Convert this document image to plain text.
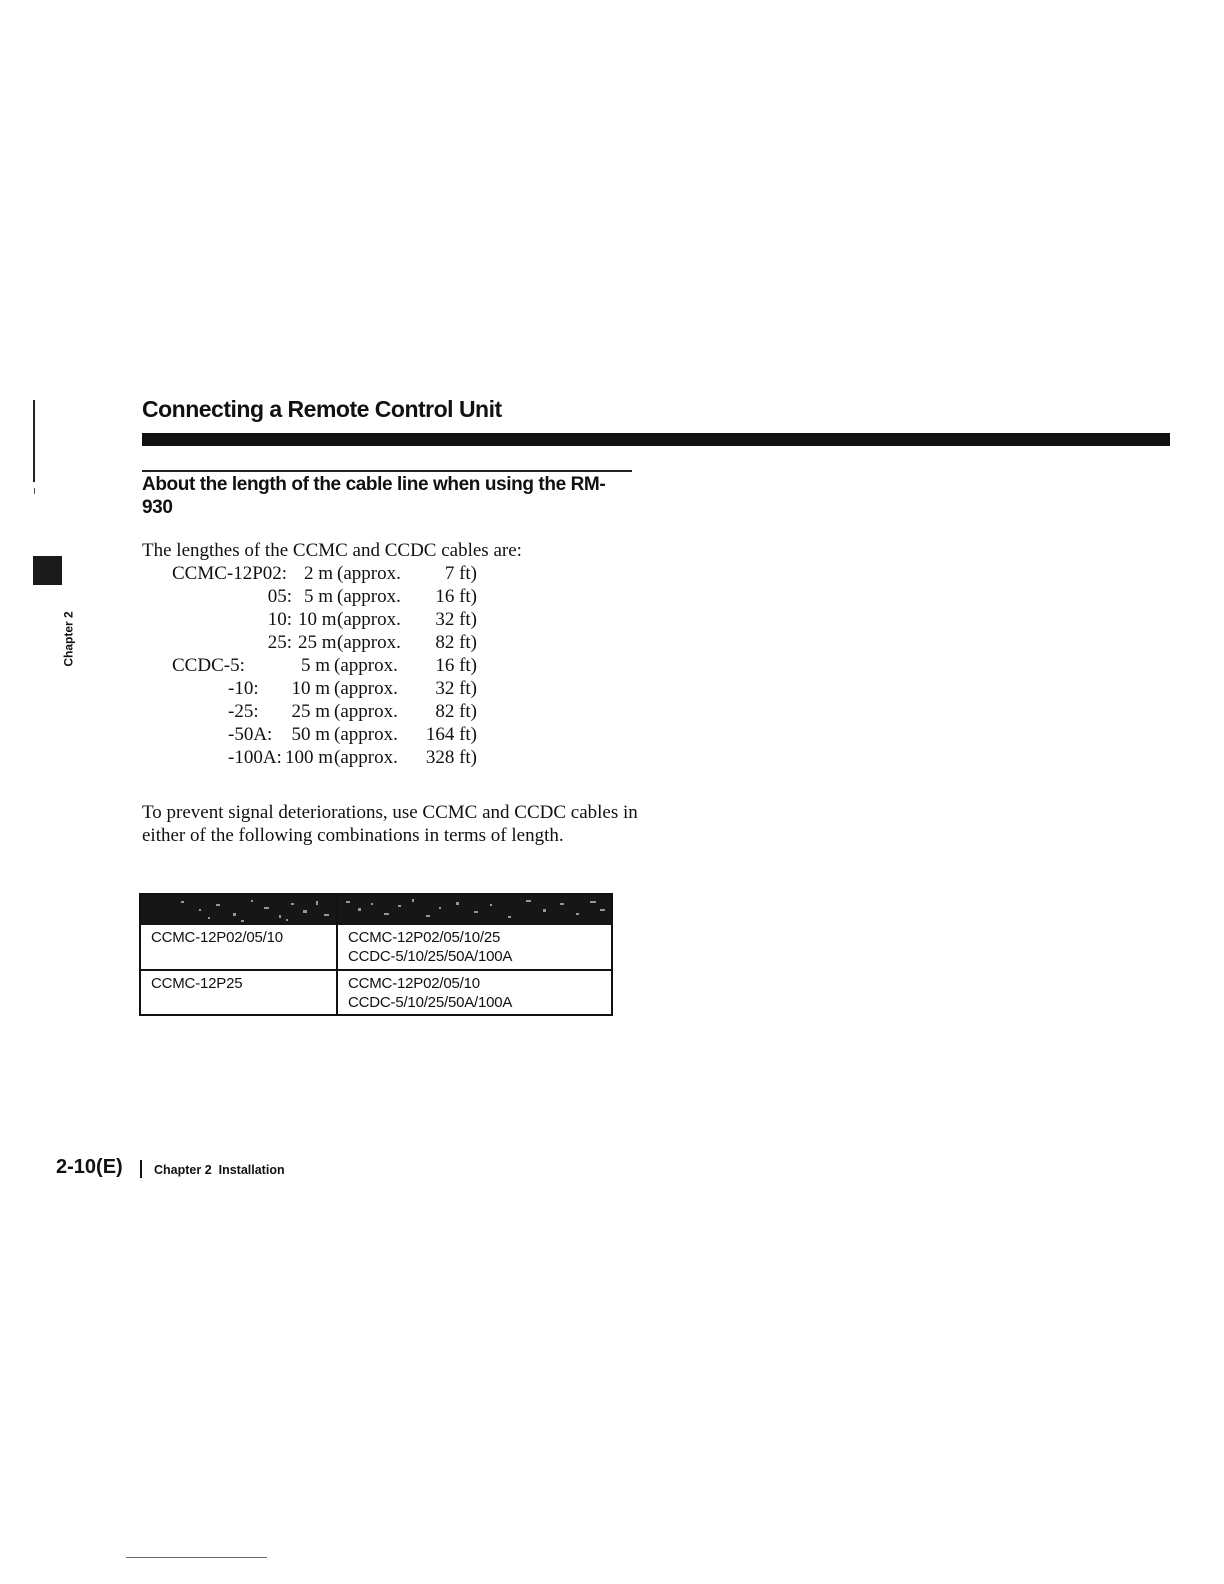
Chapter 2
Connecting a Remote Control Unit
About the length of the cable line when using the RM-930
The lengthes of the CCMC and CCDC cables are:
CCMC-12P02: 2 m (approx.	7 ft)
05: 5 m (approx.	16 ft)
10: 10 m (approx.	32 ft)
25: 25 m (approx.	82 ft)
CCDC-5:	5 m (approx.	16 ft)
-10:	10 m (approx.	32 ft)
-25:	25 m (approx.	82 ft)
-50A:	50 m (approx.	164 ft)
-100A: 100 m (approx.	328 ft)
To prevent signal deteriorations, use CCMC and CCDC cables in either of the following combinations in terms of length.
CCMC-12P02/05/10	CCMC-12P02/05/10/25
CCDC-5/10/25/50A/100A
CCMC-12P25	CCMC-12P02/05/10
CCDC-5/10/25/50A/100A
2-10(E)	Chapter 2 Installation
